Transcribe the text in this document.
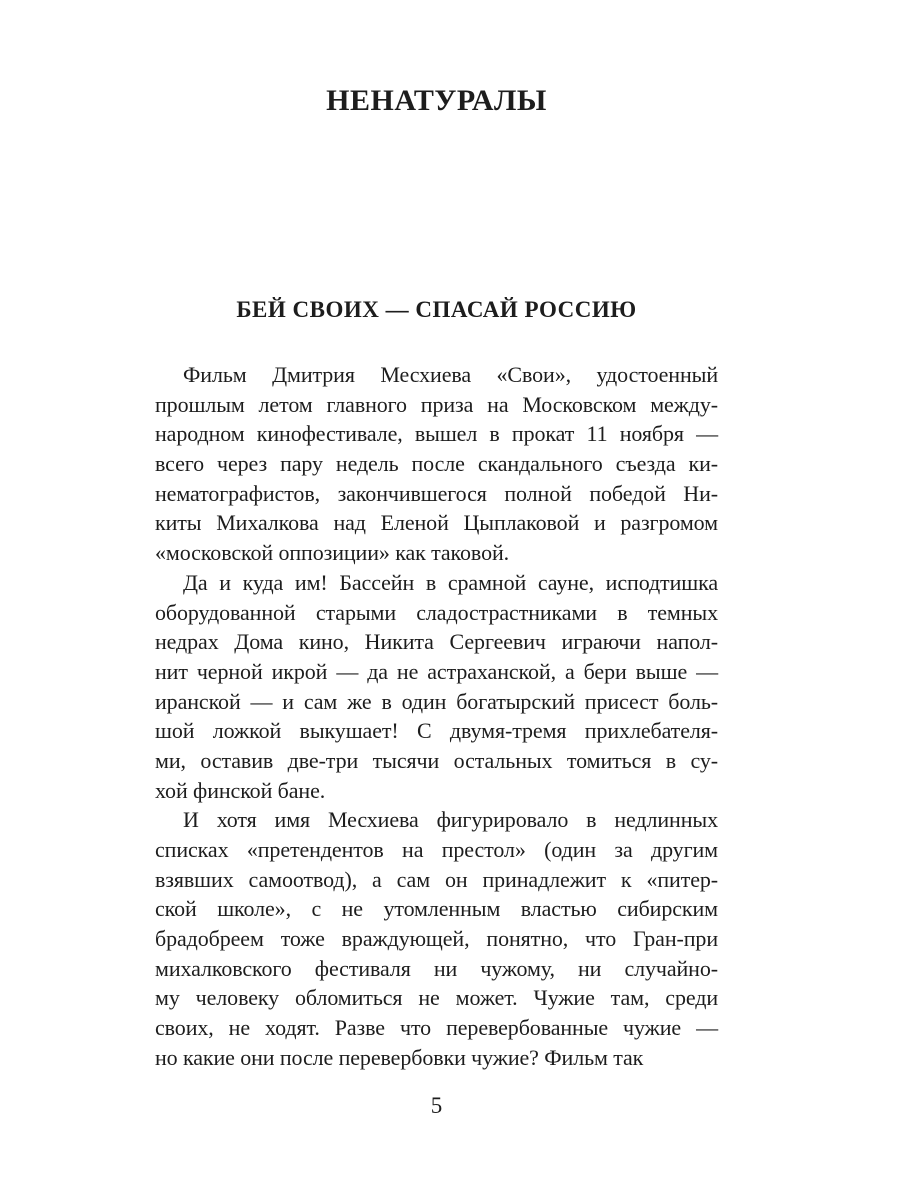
НЕНАТУРАЛЫ
БЕЙ СВОИХ — СПАСАЙ РОССИЮ
Фильм Дмитрия Месхиева «Свои», удостоенный
прошлым летом главного приза на Московском между-
народном кинофестивале, вышел в прокат 11 ноября —
всего через пару недель после скандального съезда ки-
нематографистов, закончившегося полной победой Ни-
киты Михалкова над Еленой Цыплаковой и разгромом
«московской оппозиции» как таковой.
Да и куда им! Бассейн в срамной сауне, исподтишка
оборудованной старыми сладострастниками в темных
недрах Дома кино, Никита Сергеевич играючи напол-
нит черной икрой — да не астраханской, а бери выше —
иранской — и сам же в один богатырский присест боль-
шой ложкой выкушает! С двумя-тремя прихлебателя-
ми, оставив две-три тысячи остальных томиться в су-
хой финской бане.
И хотя имя Месхиева фигурировало в недлинных
списках «претендентов на престол» (один за другим
взявших самоотвод), а сам он принадлежит к «питер-
ской школе», с не утомленным властью сибирским
брадобреем тоже враждующей, понятно, что Гран-при
михалковского фестиваля ни чужому, ни случайно-
му человеку обломиться не может. Чужие там, среди
своих, не ходят. Разве что перевербованные чужие —
но какие они после перевербовки чужие? Фильм так
5
